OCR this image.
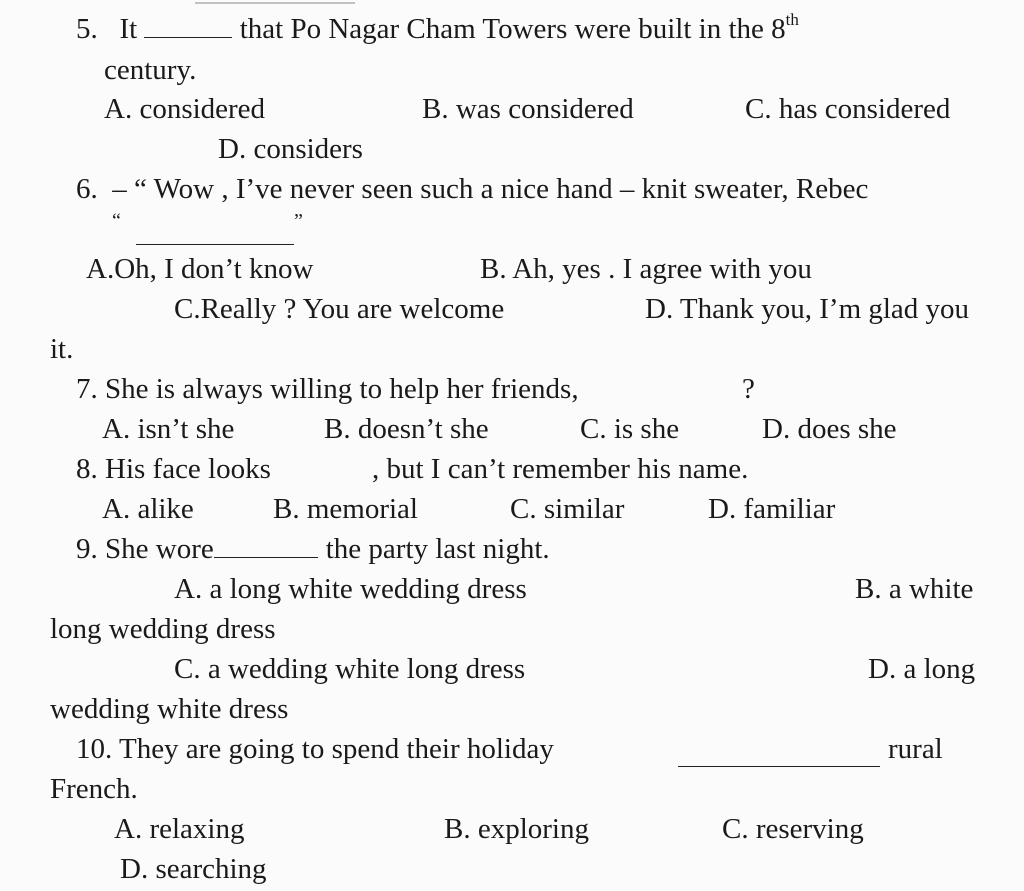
5. It	that Po Nagar Cham Towers were built in the 8th
century.
A. considered	B. was considered	C. has considered
D. considers
6. – “ Wow , I’ve never seen such a nice hand – knit sweater, Rebec
“	”
A.Oh, I don’t know	B. Ah, yes . I agree with you
C.Really ? You are welcome	D. Thank you, I’m glad you
it.
7. She is always willing to help her friends,	?
A. isn’t she	B. doesn’t she	C. is she	D. does she
8. His face looks	, but I can’t remember his name.
A. alike	B. memorial	C. similar	D. familiar
9. She wore	the party last night.
A. a long white wedding dress	B. a white
long wedding dress
C. a wedding white long dress	D. a long
wedding white dress
10. They are going to spend their holiday	rural
French.
A. relaxing	B. exploring	C. reserving
D. searching
